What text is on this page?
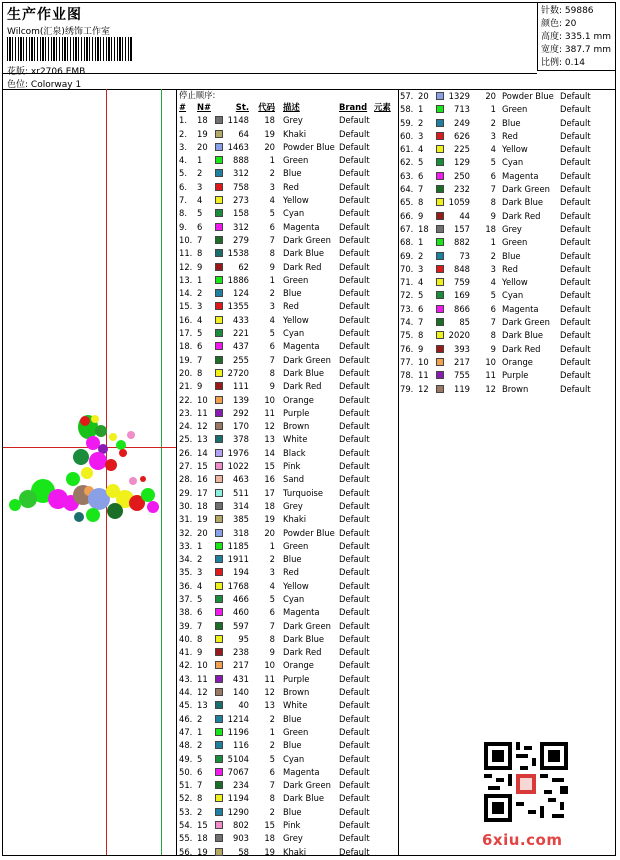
生产作业图
Wilcom(汇泉)绣饰工作室
花版: xr2706.EMB
色位: Colorway 1
针数: 59886
颜色: 20
高度: 335.1 mm
宽度: 387.7 mm
比例: 0.14
停止顺序:
# N#	St.	代码 描述	Brand 元素
1. 18	1148	18 Grey	Default
2. 19	64	19 Khaki	Default
3. 20	1463	20 Powder Blue Default
4. 1	888	1 Green	Default
5. 2	312	2 Blue	Default
6. 3	758	3 Red	Default
7. 4	273	4 Yellow	Default
8. 5	158	5 Cyan	Default
9. 6	312	6 Magenta Default
10. 7	279	7 Dark Green Default
11. 8	1538	8 Dark Blue Default
12. 9	62	9 Dark Red Default
13. 1	1886	1 Green	Default
14. 2	124	2 Blue	Default
15. 3	1355	3 Red	Default
16. 4	433	4 Yellow	Default
17. 5	221	5 Cyan	Default
18. 6	437	6 Magenta Default
19. 7	255	7 Dark Green Default
20. 8	2720	8 Dark Blue Default
21. 9	111	9 Dark Red Default
22. 10	139	10 Orange	Default
23. 11	292	11 Purple	Default
24. 12	170	12 Brown	Default
25. 13	378	13 White	Default
26. 14	1976	14 Black	Default
27. 15	1022	15 Pink	Default
28. 16	463	16 Sand	Default
29. 17	511	17 Turquoise Default
30. 18	314	18 Grey	Default
31. 19	385	19 Khaki	Default
32. 20	318	20 Powder Blue Default
33. 1	1185	1 Green	Default
34. 2	1911	2 Blue	Default
35. 3	194	3 Red	Default
36. 4	1768	4 Yellow	Default
37. 5	466	5 Cyan	Default
38. 6	460	6 Magenta Default
39. 7	597	7 Dark Green Default
40. 8	95	8 Dark Blue Default
41. 9	238	9 Dark Red Default
42. 10	217	10 Orange	Default
43. 11	431	11 Purple	Default
44. 12	140	12 Brown	Default
45. 13	40	13 White	Default
46. 2	1214	2 Blue	Default
47. 1	1196	1 Green	Default
48. 2	116	2 Blue	Default
49. 5	5104	5 Cyan	Default
50. 6	7067	6 Magenta Default
51. 7	234	7 Dark Green Default
52. 8	1194	8 Dark Blue Default
53. 2	1290	2 Blue	Default
54. 15	802	15 Pink	Default
55. 18	903	18 Grey	Default
56. 19	58	19 Khaki	Default
57. 20	1329	20 Powder Blue Default
58. 1	713	1 Green	Default
59. 2	249	2 Blue	Default
60. 3	626	3 Red	Default
61. 4	225	4 Yellow	Default
62. 5	129	5 Cyan	Default
63. 6	250	6 Magenta	Default
64. 7	232	7 Dark Green Default
65. 8	1059	8 Dark Blue Default
66. 9	44	9 Dark Red Default
67. 18	157	18 Grey	Default
68. 1	882	1 Green	Default
69. 2	73	2 Blue	Default
70. 3	848	3 Red	Default
71. 4	759	4 Yellow	Default
72. 5	169	5 Cyan	Default
73. 6	866	6 Magenta	Default
74. 7	85	7 Dark Green Default
75. 8	2020	8 Dark Blue Default
76. 9	393	9 Dark Red Default
77. 10	217	10 Orange	Default
78. 11	755	11 Purple	Default
79. 12	119	12 Brown	Default
6xiu.com
